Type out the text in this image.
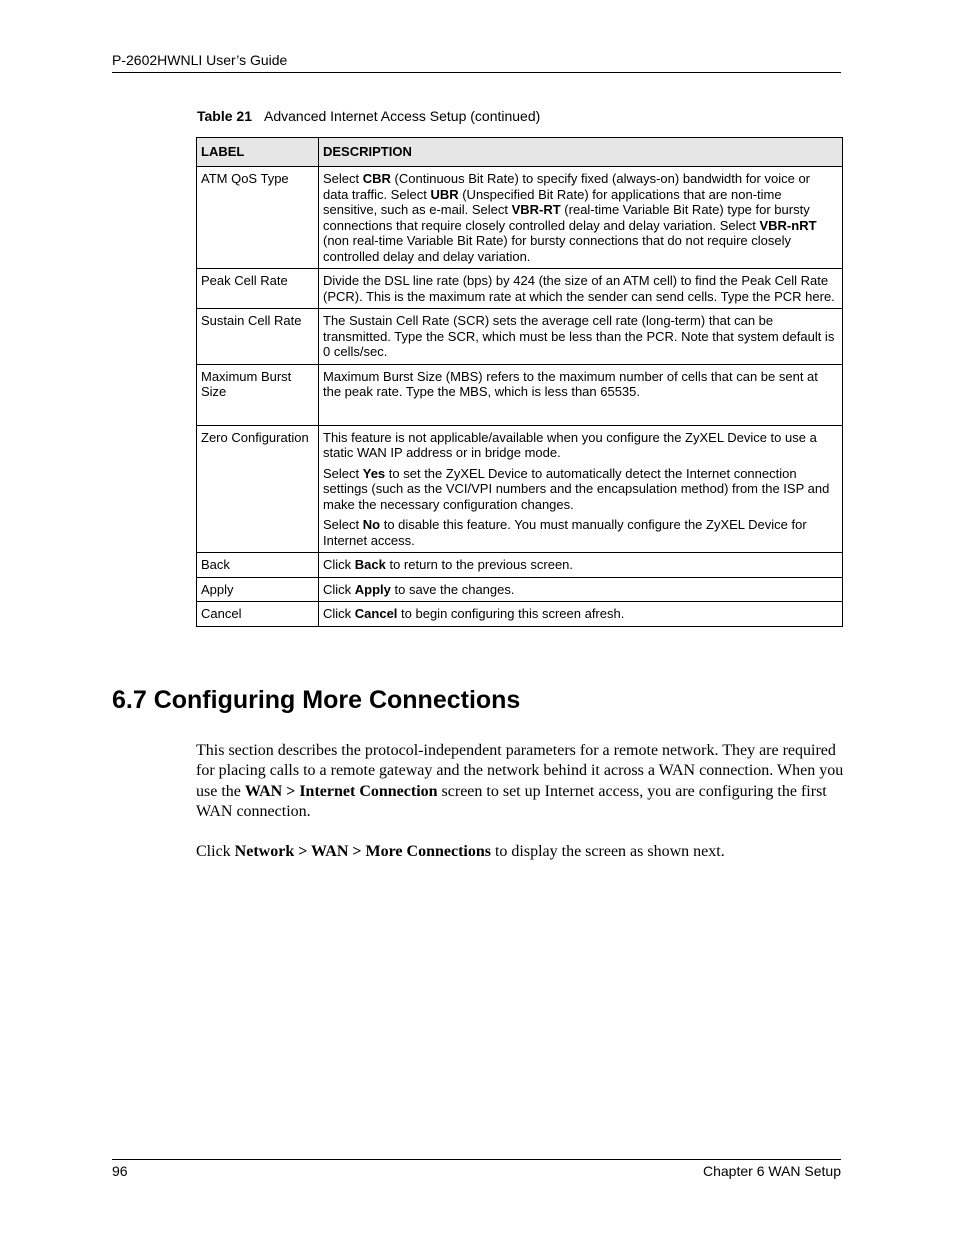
P-2602HWNLI User’s Guide
Table 21 Advanced Internet Access Setup (continued)
LABEL	DESCRIPTION
ATM QoS Type	Select CBR (Continuous Bit Rate) to specify fixed (always-on) bandwidth for voice or data traffic. Select UBR (Unspecified Bit Rate) for applications that are non-time sensitive, such as e-mail. Select VBR-RT (real-time Variable Bit Rate) type for bursty connections that require closely controlled delay and delay variation. Select VBR-nRT (non real-time Variable Bit Rate) for bursty connections that do not require closely controlled delay and delay variation.

Peak Cell Rate	Divide the DSL line rate (bps) by 424 (the size of an ATM cell) to find the Peak Cell Rate (PCR). This is the maximum rate at which the sender can send cells. Type the PCR here.

Sustain Cell Rate	The Sustain Cell Rate (SCR) sets the average cell rate (long-term) that can be transmitted. Type the SCR, which must be less than the PCR. Note that system default is 0 cells/sec.

Maximum Burst Size	Maximum Burst Size (MBS) refers to the maximum number of cells that can be sent at the peak rate. Type the MBS, which is less than 65535.

Zero Configuration	This feature is not applicable/available when you configure the ZyXEL Device to use a static WAN IP address or in bridge mode.

Select Yes to set the ZyXEL Device to automatically detect the Internet connection settings (such as the VCI/VPI numbers and the encapsulation method) from the ISP and make the necessary configuration changes.

Select No to disable this feature. You must manually configure the ZyXEL Device for Internet access.

Back	Click Back to return to the previous screen.

Apply	Click Apply to save the changes.

Cancel	Click Cancel to begin configuring this screen afresh.

6.7 Configuring More Connections

This section describes the protocol-independent parameters for a remote network. They are required for placing calls to a remote gateway and the network behind it across a WAN connection. When you use the WAN > Internet Connection screen to set up Internet access, you are configuring the first WAN connection.

Click Network > WAN > More Connections to display the screen as shown next.

96	Chapter 6 WAN Setup
